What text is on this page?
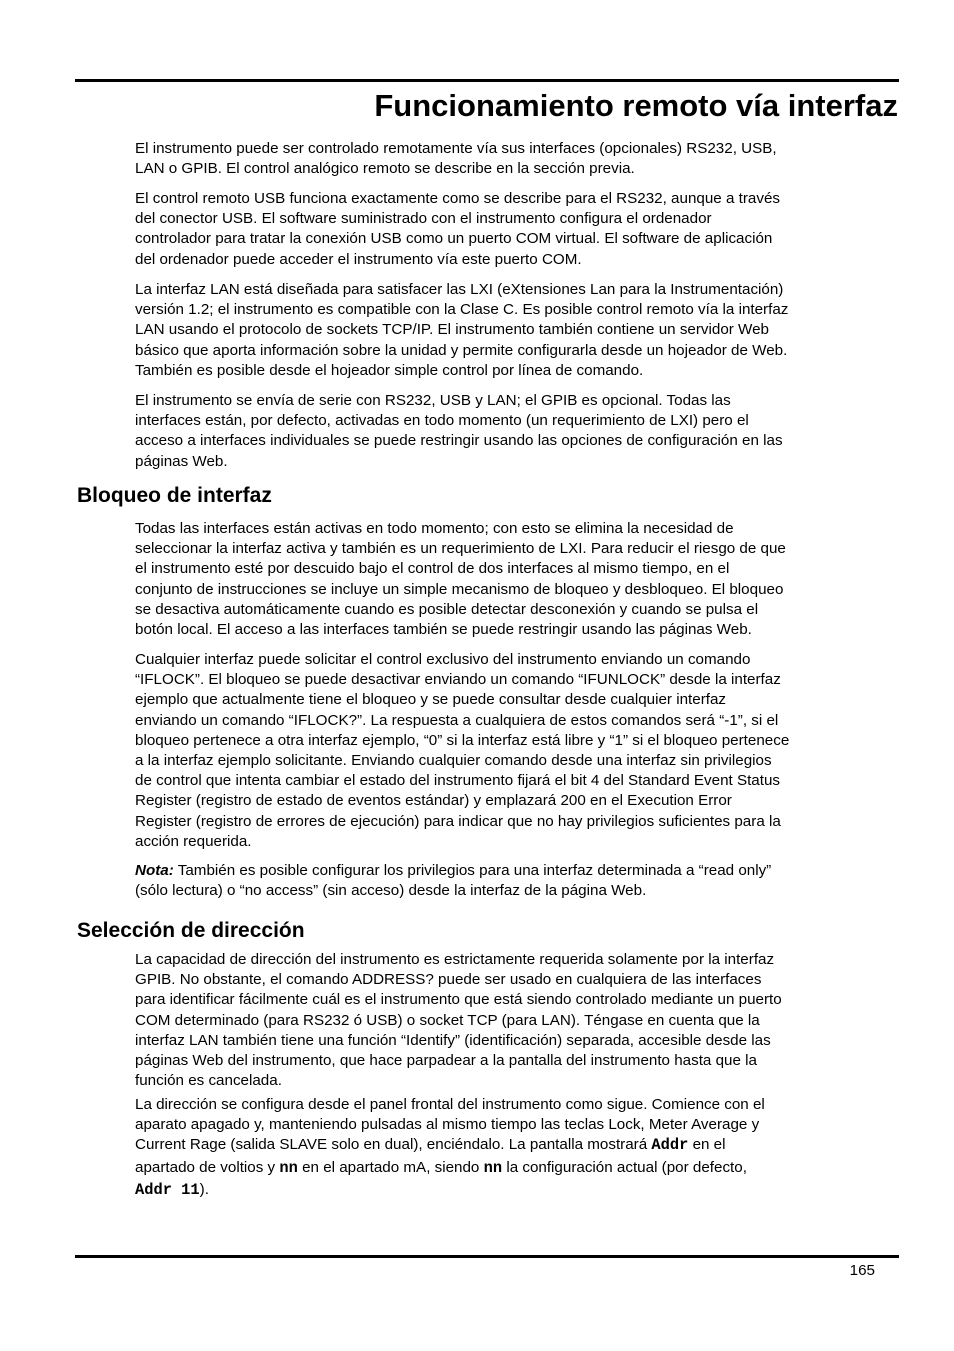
Funcionamiento remoto vía interfaz

El instrumento puede ser controlado remotamente vía sus interfaces (opcionales) RS232, USB,
LAN o GPIB. El control analógico remoto se describe en la sección previa.

El control remoto USB funciona exactamente como se describe para el RS232, aunque a través
del conector USB. El software suministrado con el instrumento configura el ordenador
controlador para tratar la conexión USB como un puerto COM virtual. El software de aplicación
del ordenador puede acceder el instrumento vía este puerto COM.

La interfaz LAN está diseñada para satisfacer las LXI (eXtensiones Lan para la Instrumentación)
versión 1.2; el instrumento es compatible con la Clase C. Es posible control remoto vía la interfaz
LAN usando el protocolo de sockets TCP/IP. El instrumento también contiene un servidor Web
básico que aporta información sobre la unidad y permite configurarla desde un hojeador de Web.
También es posible desde el hojeador simple control por línea de comando.

El instrumento se envía de serie con RS232, USB y LAN; el GPIB es opcional. Todas las
interfaces están, por defecto, activadas en todo momento (un requerimiento de LXI) pero el
acceso a interfaces individuales se puede restringir usando las opciones de configuración en las
páginas Web.

Bloqueo de interfaz

Todas las interfaces están activas en todo momento; con esto se elimina la necesidad de
seleccionar la interfaz activa y también es un requerimiento de LXI. Para reducir el riesgo de que
el instrumento esté por descuido bajo el control de dos interfaces al mismo tiempo, en el
conjunto de instrucciones se incluye un simple mecanismo de bloqueo y desbloqueo. El bloqueo
se desactiva automáticamente cuando es posible detectar desconexión y cuando se pulsa el
botón local. El acceso a las interfaces también se puede restringir usando las páginas Web.

Cualquier interfaz puede solicitar el control exclusivo del instrumento enviando un comando
“IFLOCK”. El bloqueo se puede desactivar enviando un comando “IFUNLOCK” desde la interfaz
ejemplo que actualmente tiene el bloqueo y se puede consultar desde cualquier interfaz
enviando un comando “IFLOCK?”. La respuesta a cualquiera de estos comandos será “-1”, si el
bloqueo pertenece a otra interfaz ejemplo, “0” si la interfaz está libre y “1” si el bloqueo pertenece
a la interfaz ejemplo solicitante. Enviando cualquier comando desde una interfaz sin privilegios
de control que intenta cambiar el estado del instrumento fijará el bit 4 del Standard Event Status
Register (registro de estado de eventos estándar) y emplazará 200 en el Execution Error
Register (registro de errores de ejecución) para indicar que no hay privilegios suficientes para la
acción requerida.

Nota: También es posible configurar los privilegios para una interfaz determinada a “read only”
(sólo lectura) o “no access” (sin acceso) desde la interfaz de la página Web.

Selección de dirección

La capacidad de dirección del instrumento es estrictamente requerida solamente por la interfaz
GPIB. No obstante, el comando ADDRESS? puede ser usado en cualquiera de las interfaces
para identificar fácilmente cuál es el instrumento que está siendo controlado mediante un puerto
COM determinado (para RS232 ó USB) o socket TCP (para LAN). Téngase en cuenta que la
interfaz LAN también tiene una función “Identify” (identificación) separada, accesible desde las
páginas Web del instrumento, que hace parpadear a la pantalla del instrumento hasta que la
función es cancelada.

La dirección se configura desde el panel frontal del instrumento como sigue. Comience con el
aparato apagado y, manteniendo pulsadas al mismo tiempo las teclas Lock, Meter Average y
Current Rage (salida SLAVE solo en dual), enciéndalo. La pantalla mostrará Addr en el
apartado de voltios y nn en el apartado mA, siendo nn la configuración actual (por defecto,
Addr 11).

165
